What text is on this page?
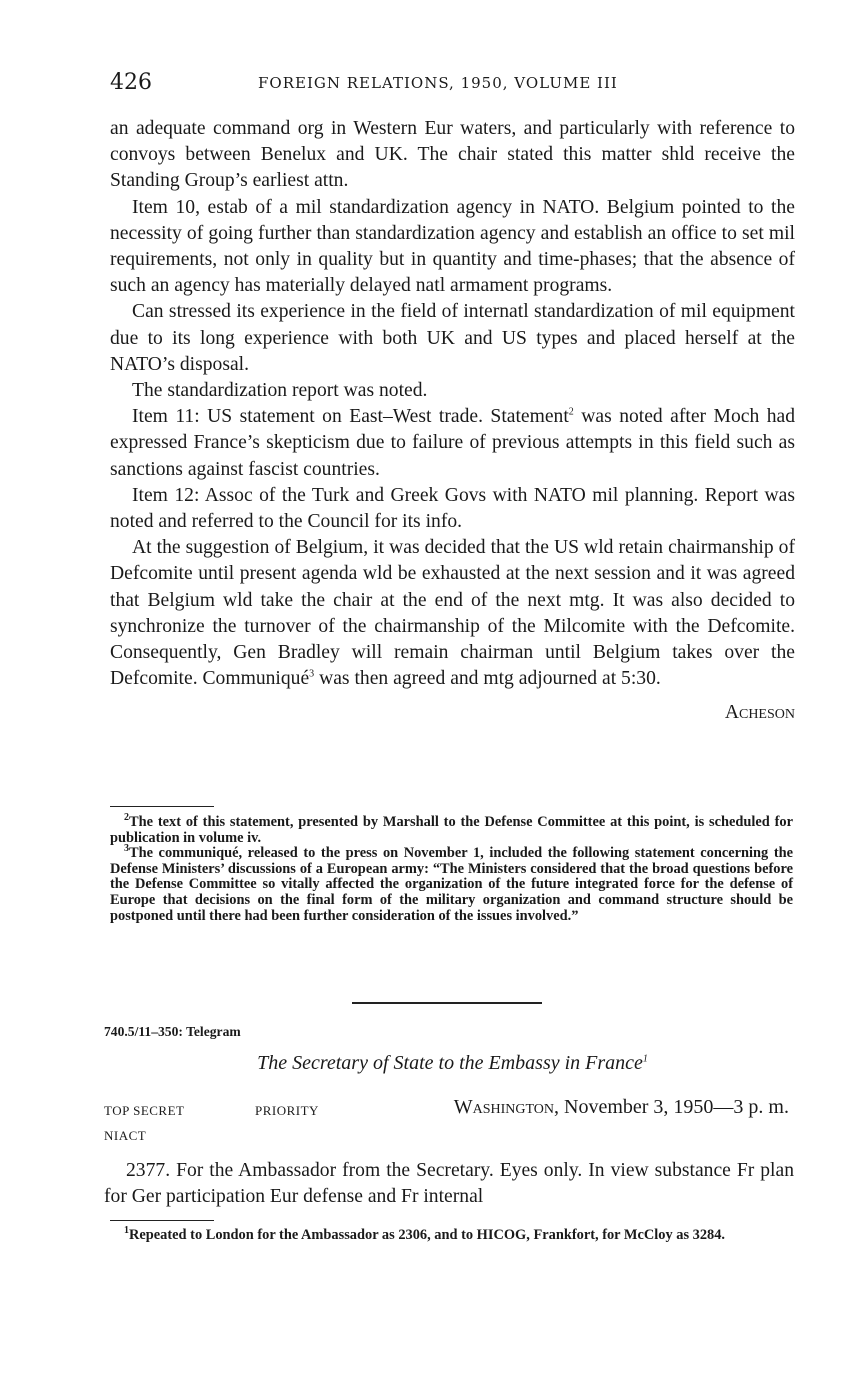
426	FOREIGN RELATIONS, 1950, VOLUME III

an adequate command org in Western Eur waters, and particularly with reference to convoys between Benelux and UK. The chair stated this matter shld receive the Standing Group’s earliest attn.

Item 10, estab of a mil standardization agency in NATO. Belgium pointed to the necessity of going further than standardization agency and establish an office to set mil requirements, not only in quality but in quantity and time-phases; that the absence of such an agency has materially delayed natl armament programs.

Can stressed its experience in the field of internatl standardization of mil equipment due to its long experience with both UK and US types and placed herself at the NATO’s disposal.

The standardization report was noted.

Item 11: US statement on East–West trade. Statement$^2$ was noted after Moch had expressed France’s skepticism due to failure of previous attempts in this field such as sanctions against fascist countries.

Item 12: Assoc of the Turk and Greek Govs with NATO mil planning. Report was noted and referred to the Council for its info.

At the suggestion of Belgium, it was decided that the US wld retain chairmanship of Defcomite until present agenda wld be exhausted at the next session and it was agreed that Belgium wld take the chair at the end of the next mtg. It was also decided to synchronize the turnover of the chairmanship of the Milcomite with the Defcomite. Consequently, Gen Bradley will remain chairman until Belgium takes over the Defcomite. Communiqué$^3$ was then agreed and mtg adjourned at 5:30.

Acheson

$^2$The text of this statement, presented by Marshall to the Defense Committee at this point, is scheduled for publication in volume iv.

$^3$The communiqué, released to the press on November 1, included the following statement concerning the Defense Ministers’ discussions of a European army: “The Ministers considered that the broad questions before the Defense Committee so vitally affected the organization of the future integrated force for the defense of Europe that decisions on the final form of the military organization and command structure should be postponed until there had been further consideration of the issues involved.”

740.5/11–350: Telegram
The Secretary of State to the Embassy in France$^1$
TOP SECRET	PRIORITY
NIACT
Washington, November 3, 1950—3 p. m.

2377. For the Ambassador from the Secretary. Eyes only. In view substance Fr plan for Ger participation Eur defense and Fr internal

$^1$Repeated to London for the Ambassador as 2306, and to HICOG, Frankfort, for McCloy as 3284.
